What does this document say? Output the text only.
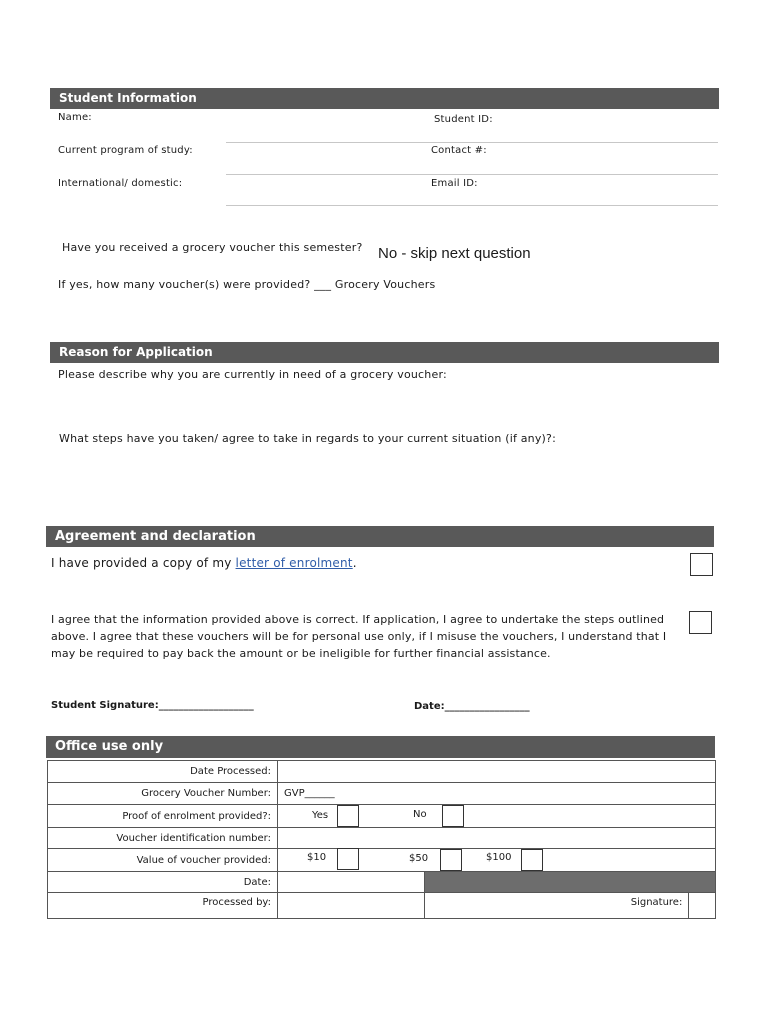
Student Information
Name:	Student ID:
Current program of study:	Contact #:
International/ domestic:	Email ID:
Have you received a grocery voucher this semester? No - skip next question
If yes, how many voucher(s) were provided? ___ Grocery Vouchers
Reason for Application
Please describe why you are currently in need of a grocery voucher:
What steps have you taken/ agree to take in regards to your current situation (if any)?:
Agreement and declaration
I have provided a copy of my letter of enrolment.
I agree that the information provided above is correct. If application, I agree to undertake the steps outlined above. I agree that these vouchers will be for personal use only, if I misuse the vouchers, I understand that I may be required to pay back the amount or be ineligible for further financial assistance.
Student Signature:___________________	Date:_________________
Office use only
Date Processed:			
Grocery Voucher Number:	GVP______		
Proof of enrolment provided?:	Yes No		

Voucher identification number:			
Value of voucher provided:	$10 $50 $100		

Date:			
Processed by:		Signature:	
